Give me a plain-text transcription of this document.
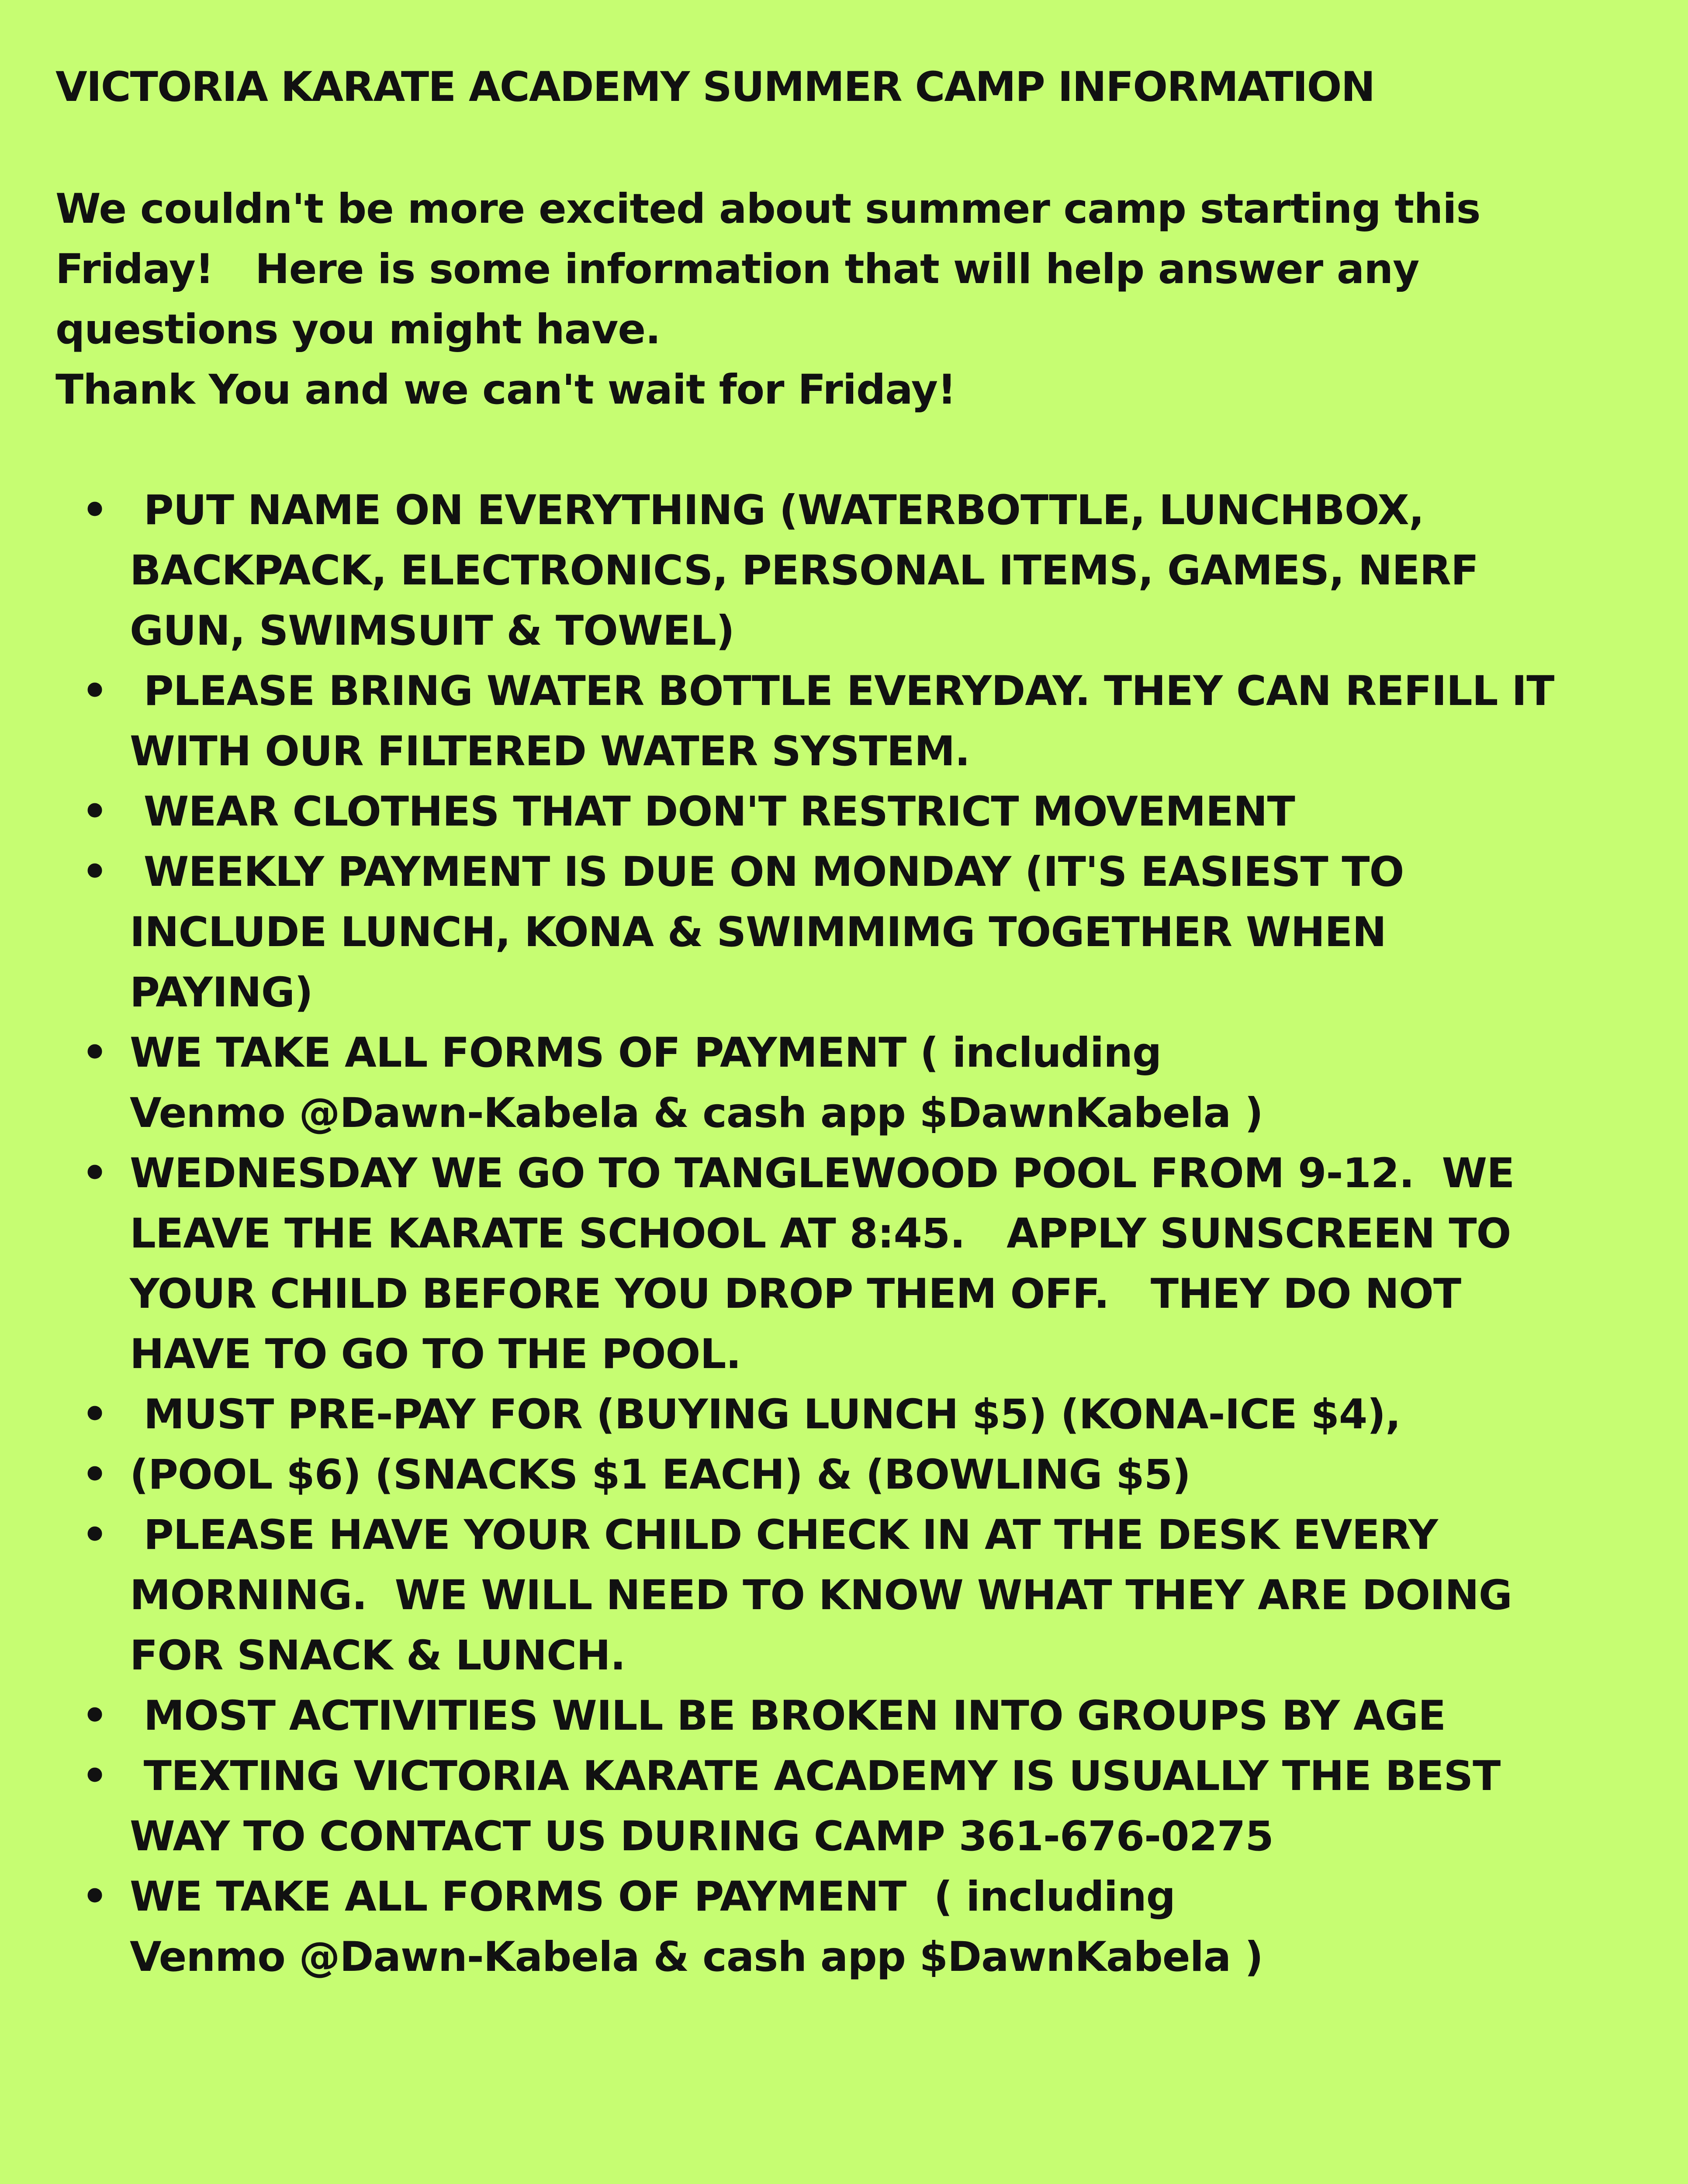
VICTORIA KARATE ACADEMY SUMMER CAMP INFORMATION

We couldn't be more excited about summer camp starting this

Friday!   Here is some information that will help answer any

questions you might have.

Thank You and we can't wait for Friday!

• PUT NAME ON EVERYTHING (WATERBOTTLE, LUNCHBOX,
BACKPACK, ELECTRONICS, PERSONAL ITEMS, GAMES, NERF
GUN, SWIMSUIT & TOWEL)
• PLEASE BRING WATER BOTTLE EVERYDAY. THEY CAN REFILL IT
WITH OUR FILTERED WATER SYSTEM.
• WEAR CLOTHES THAT DON'T RESTRICT MOVEMENT
• WEEKLY PAYMENT IS DUE ON MONDAY (IT'S EASIEST TO
INCLUDE LUNCH, KONA & SWIMMIMG TOGETHER WHEN
PAYING)
• WE TAKE ALL FORMS OF PAYMENT ( including
Venmo @Dawn-Kabela & cash app $DawnKabela )
• WEDNESDAY WE GO TO TANGLEWOOD POOL FROM 9-12.  WE
LEAVE THE KARATE SCHOOL AT 8:45.   APPLY SUNSCREEN TO
YOUR CHILD BEFORE YOU DROP THEM OFF.   THEY DO NOT
HAVE TO GO TO THE POOL.
• MUST PRE-PAY FOR (BUYING LUNCH $5) (KONA-ICE $4),
• (POOL $6) (SNACKS $1 EACH) & (BOWLING $5)
• PLEASE HAVE YOUR CHILD CHECK IN AT THE DESK EVERY
MORNING.  WE WILL NEED TO KNOW WHAT THEY ARE DOING
FOR SNACK & LUNCH.
• MOST ACTIVITIES WILL BE BROKEN INTO GROUPS BY AGE
• TEXTING VICTORIA KARATE ACADEMY IS USUALLY THE BEST
WAY TO CONTACT US DURING CAMP 361-676-0275
• WE TAKE ALL FORMS OF PAYMENT  ( including
Venmo @Dawn-Kabela & cash app $DawnKabela )
